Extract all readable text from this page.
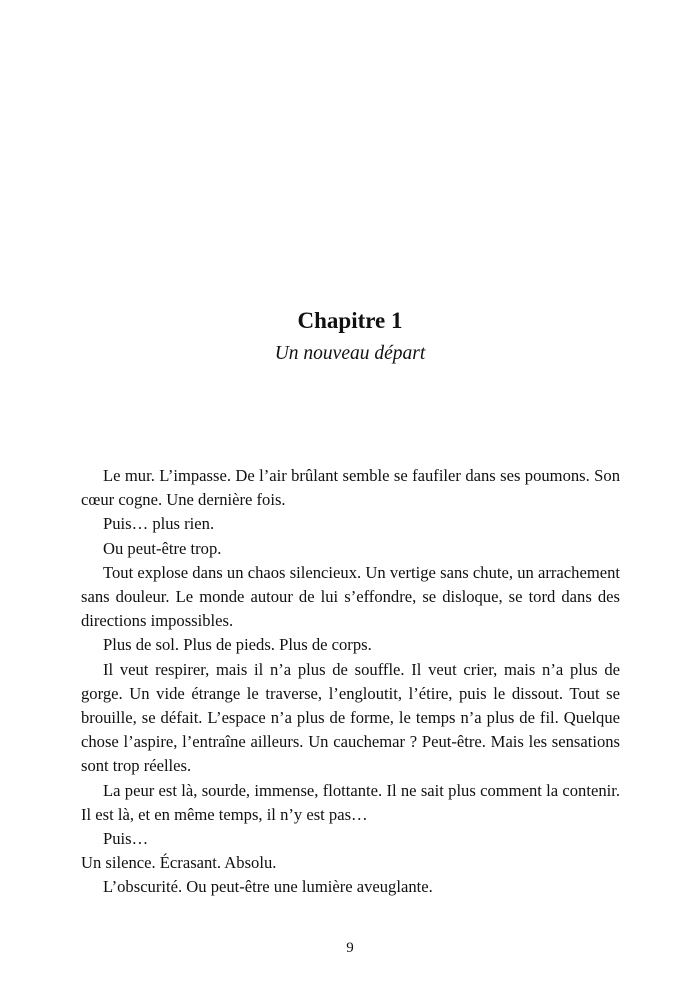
Chapitre 1
Un nouveau départ

Le mur. L’impasse. De l’air brûlant semble se faufiler dans ses poumons. Son cœur cogne. Une dernière fois.

Puis… plus rien.

Ou peut-être trop.

Tout explose dans un chaos silencieux. Un vertige sans chute, un arrachement sans douleur. Le monde autour de lui s’effondre, se disloque, se tord dans des directions impossibles.

Plus de sol. Plus de pieds. Plus de corps.

Il veut respirer, mais il n’a plus de souffle. Il veut crier, mais n’a plus de gorge. Un vide étrange le traverse, l’engloutit, l’étire, puis le dissout. Tout se brouille, se défait. L’espace n’a plus de forme, le temps n’a plus de fil. Quelque chose l’aspire, l’entraîne ailleurs. Un cauchemar ? Peut-être. Mais les sensations sont trop réelles.

La peur est là, sourde, immense, flottante. Il ne sait plus comment la contenir. Il est là, et en même temps, il n’y est pas…

Puis…

Un silence. Écrasant. Absolu.

L’obscurité. Ou peut-être une lumière aveuglante.

9
